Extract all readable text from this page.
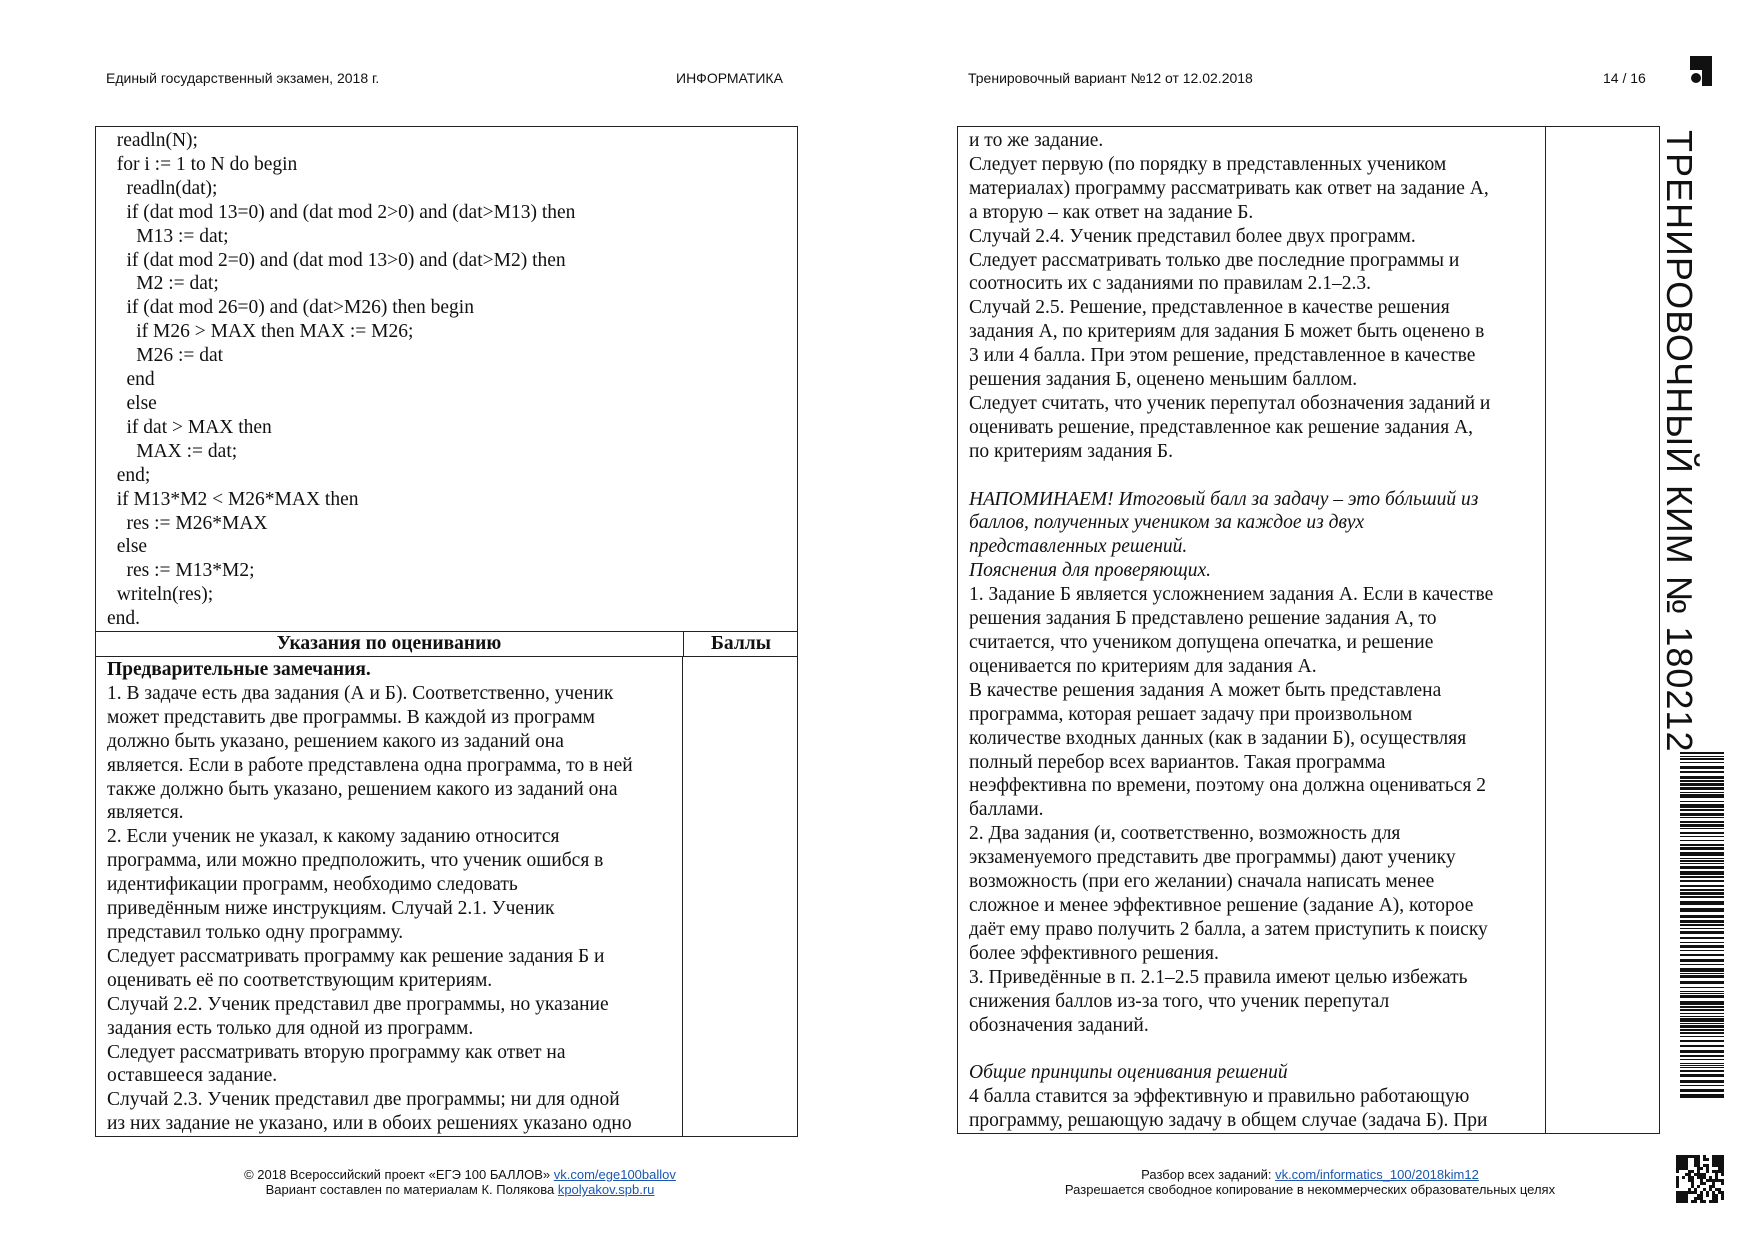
Единый государственный экзамен, 2018 г.	ИНФОРМАТИКА	Тренировочный вариант №12 от 12.02.2018	14 / 16
ТРЕНИРОВОЧНЫЙ КИМ № 180212
readln(N);
for i := 1 to N do begin
readln(dat);
if (dat mod 13=0) and (dat mod 2>0) and (dat>M13) then
M13 := dat;
if (dat mod 2=0) and (dat mod 13>0) and (dat>M2) then
M2 := dat;
if (dat mod 26=0) and (dat>M26) then begin
if M26 > MAX then MAX := M26;
M26 := dat
end
else
if dat > MAX then
MAX := dat;
end;
if M13*M2 < M26*MAX then
res := M26*MAX
else
res := M13*M2;
writeln(res);
end.
Указания по оцениванию	Баллы
Предварительные замечания.
1. В задаче есть два задания (А и Б). Соответственно, ученик
может представить две программы. В каждой из программ
должно быть указано, решением какого из заданий она
является. Если в работе представлена одна программа, то в ней
также должно быть указано, решением какого из заданий она
является.
2. Если ученик не указал, к какому заданию относится
программа, или можно предположить, что ученик ошибся в
идентификации программ, необходимо следовать
приведённым ниже инструкциям. Случай 2.1. Ученик
представил только одну программу.
Следует рассматривать программу как решение задания Б и
оценивать её по соответствующим критериям.
Случай 2.2. Ученик представил две программы, но указание
задания есть только для одной из программ.
Следует рассматривать вторую программу как ответ на
оставшееся задание.
Случай 2.3. Ученик представил две программы; ни для одной
из них задание не указано, или в обоих решениях указано одно
и то же задание.
Следует первую (по порядку в представленных учеником
материалах) программу рассматривать как ответ на задание А,
а вторую – как ответ на задание Б.
Случай 2.4. Ученик представил более двух программ.
Следует рассматривать только две последние программы и
соотносить их с заданиями по правилам 2.1–2.3.
Случай 2.5. Решение, представленное в качестве решения
задания А, по критериям для задания Б может быть оценено в
3 или 4 балла. При этом решение, представленное в качестве
решения задания Б, оценено меньшим баллом.
Следует считать, что ученик перепутал обозначения заданий и
оценивать решение, представленное как решение задания А,
по критериям задания Б.
НАПОМИНАЕМ! Итоговый балл за задачу – это бóльший из
баллов, полученных учеником за каждое из двух
представленных решений.
Пояснения для проверяющих.
1. Задание Б является усложнением задания А. Если в качестве
решения задания Б представлено решение задания А, то
считается, что учеником допущена опечатка, и решение
оценивается по критериям для задания А.
В качестве решения задания А может быть представлена
программа, которая решает задачу при произвольном
количестве входных данных (как в задании Б), осуществляя
полный перебор всех вариантов. Такая программа
неэффективна по времени, поэтому она должна оцениваться 2
баллами.
2. Два задания (и, соответственно, возможность для
экзаменуемого представить две программы) дают ученику
возможность (при его желании) сначала написать менее
сложное и менее эффективное решение (задание А), которое
даёт ему право получить 2 балла, а затем приступить к поиску
более эффективного решения.
3. Приведённые в п. 2.1–2.5 правила имеют целью избежать
снижения баллов из-за того, что ученик перепутал
обозначения заданий.
Общие принципы оценивания решений
4 балла ставится за эффективную и правильно работающую
программу, решающую задачу в общем случае (задача Б). При
© 2018 Всероссийский проект «ЕГЭ 100 БАЛЛОВ» vk.com/ege100ballov
Вариант составлен по материалам К. Полякова kpolyakov.spb.ru
Разбор всех заданий: vk.com/informatics_100/2018kim12
Разрешается свободное копирование в некоммерческих образовательных целях
